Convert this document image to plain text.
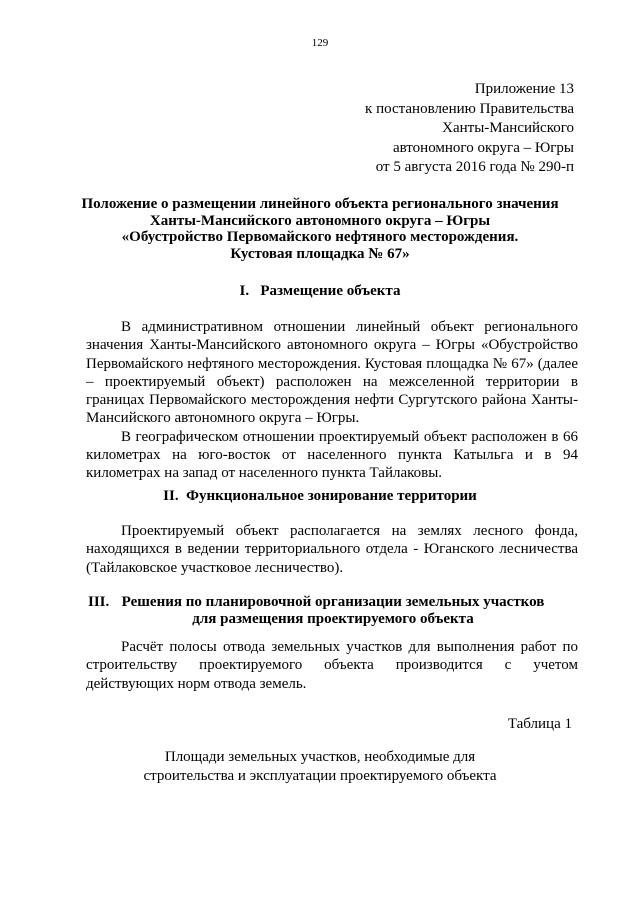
129
Приложение 13
к постановлению Правительства
Ханты-Мансийского
автономного округа – Югры
от 5 августа 2016 года № 290-п
Положение о размещении линейного объекта регионального значения
Ханты-Мансийского автономного округа – Югры
«Обустройство Первомайского нефтяного месторождения.
Кустовая площадка № 67»
I.   Размещение объекта

В административном отношении линейный объект регионального значения Ханты-Мансийского автономного округа – Югры «Обустройство Первомайского нефтяного месторождения. Кустовая площадка № 67» (далее – проектируемый объект) расположен на межселенной территории в границах Первомайского месторождения нефти Сургутского района Ханты-Мансийского автономного округа – Югры.

В географическом отношении проектируемый объект расположен в 66 километрах на юго-восток от населенного пункта Катыльга и в 94 километрах на запад от населенного пункта Тайлаковы.

II.  Функциональное зонирование территории

Проектируемый объект располагается на землях лесного фонда, находящихся в ведении территориального отдела - Юганского лесничества (Тайлаковское участковое лесничество).

III. Решения по планировочной организации земельных участков
для размещения проектируемого объекта

Расчёт полосы отвода земельных участков для выполнения работ по строительству проектируемого объекта производится с учетом действующих норм отвода земель.

Таблица 1
Площади земельных участков, необходимые для
строительства и эксплуатации проектируемого объекта
